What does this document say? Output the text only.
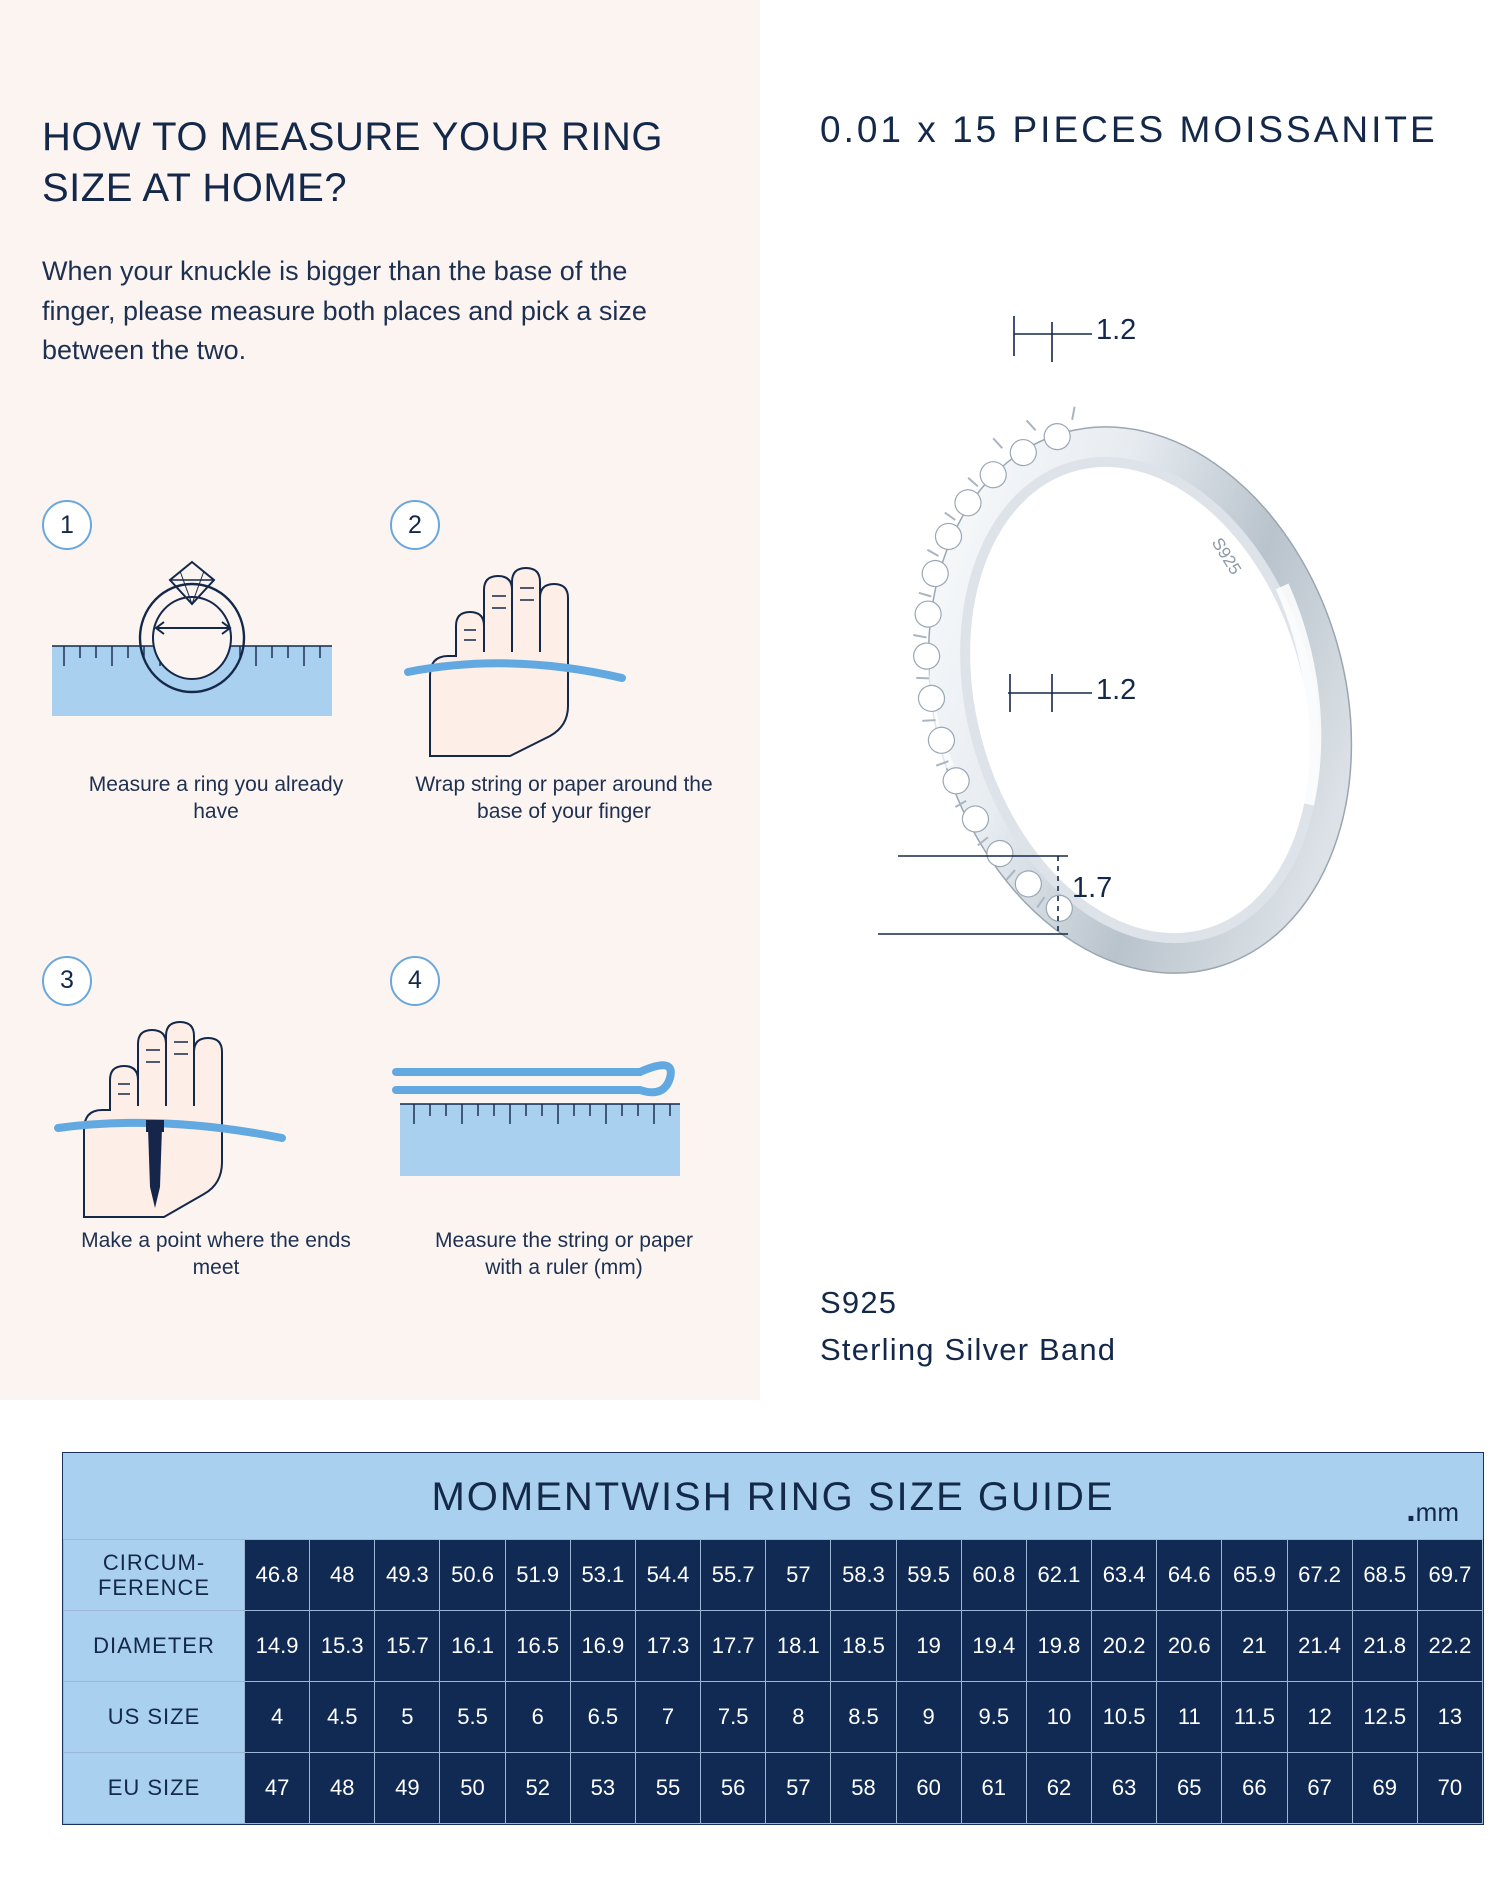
HOW TO MEASURE YOUR RING SIZE AT HOME?
When your knuckle is bigger than the base of the finger, please measure both places and pick a size between the two.
1
Measure a ring you already have
2
Wrap string or paper around the base of your finger
3
Make a point where the ends meet
4
Measure the string or paper with a ruler (mm)
0.01 x 15 PIECES MOISSANITE
S925
1.2
1.2
1.7
S925
Sterling Silver Band
MOMENTWISH RING SIZE GUIDE	.mm
CIRCUM-
FERENCE	46.8	48	49.3	50.6	51.9	53.1	54.4	55.7	57	58.3	59.5	60.8	62.1	63.4	64.6	65.9	67.2	68.5	69.7
DIAMETER	14.9	15.3	15.7	16.1	16.5	16.9	17.3	17.7	18.1	18.5	19	19.4	19.8	20.2	20.6	21	21.4	21.8	22.2
US SIZE	4	4.5	5	5.5	6	6.5	7	7.5	8	8.5	9	9.5	10	10.5	11	11.5	12	12.5	13
EU SIZE	47	48	49	50	52	53	55	56	57	58	60	61	62	63	65	66	67	69	70
